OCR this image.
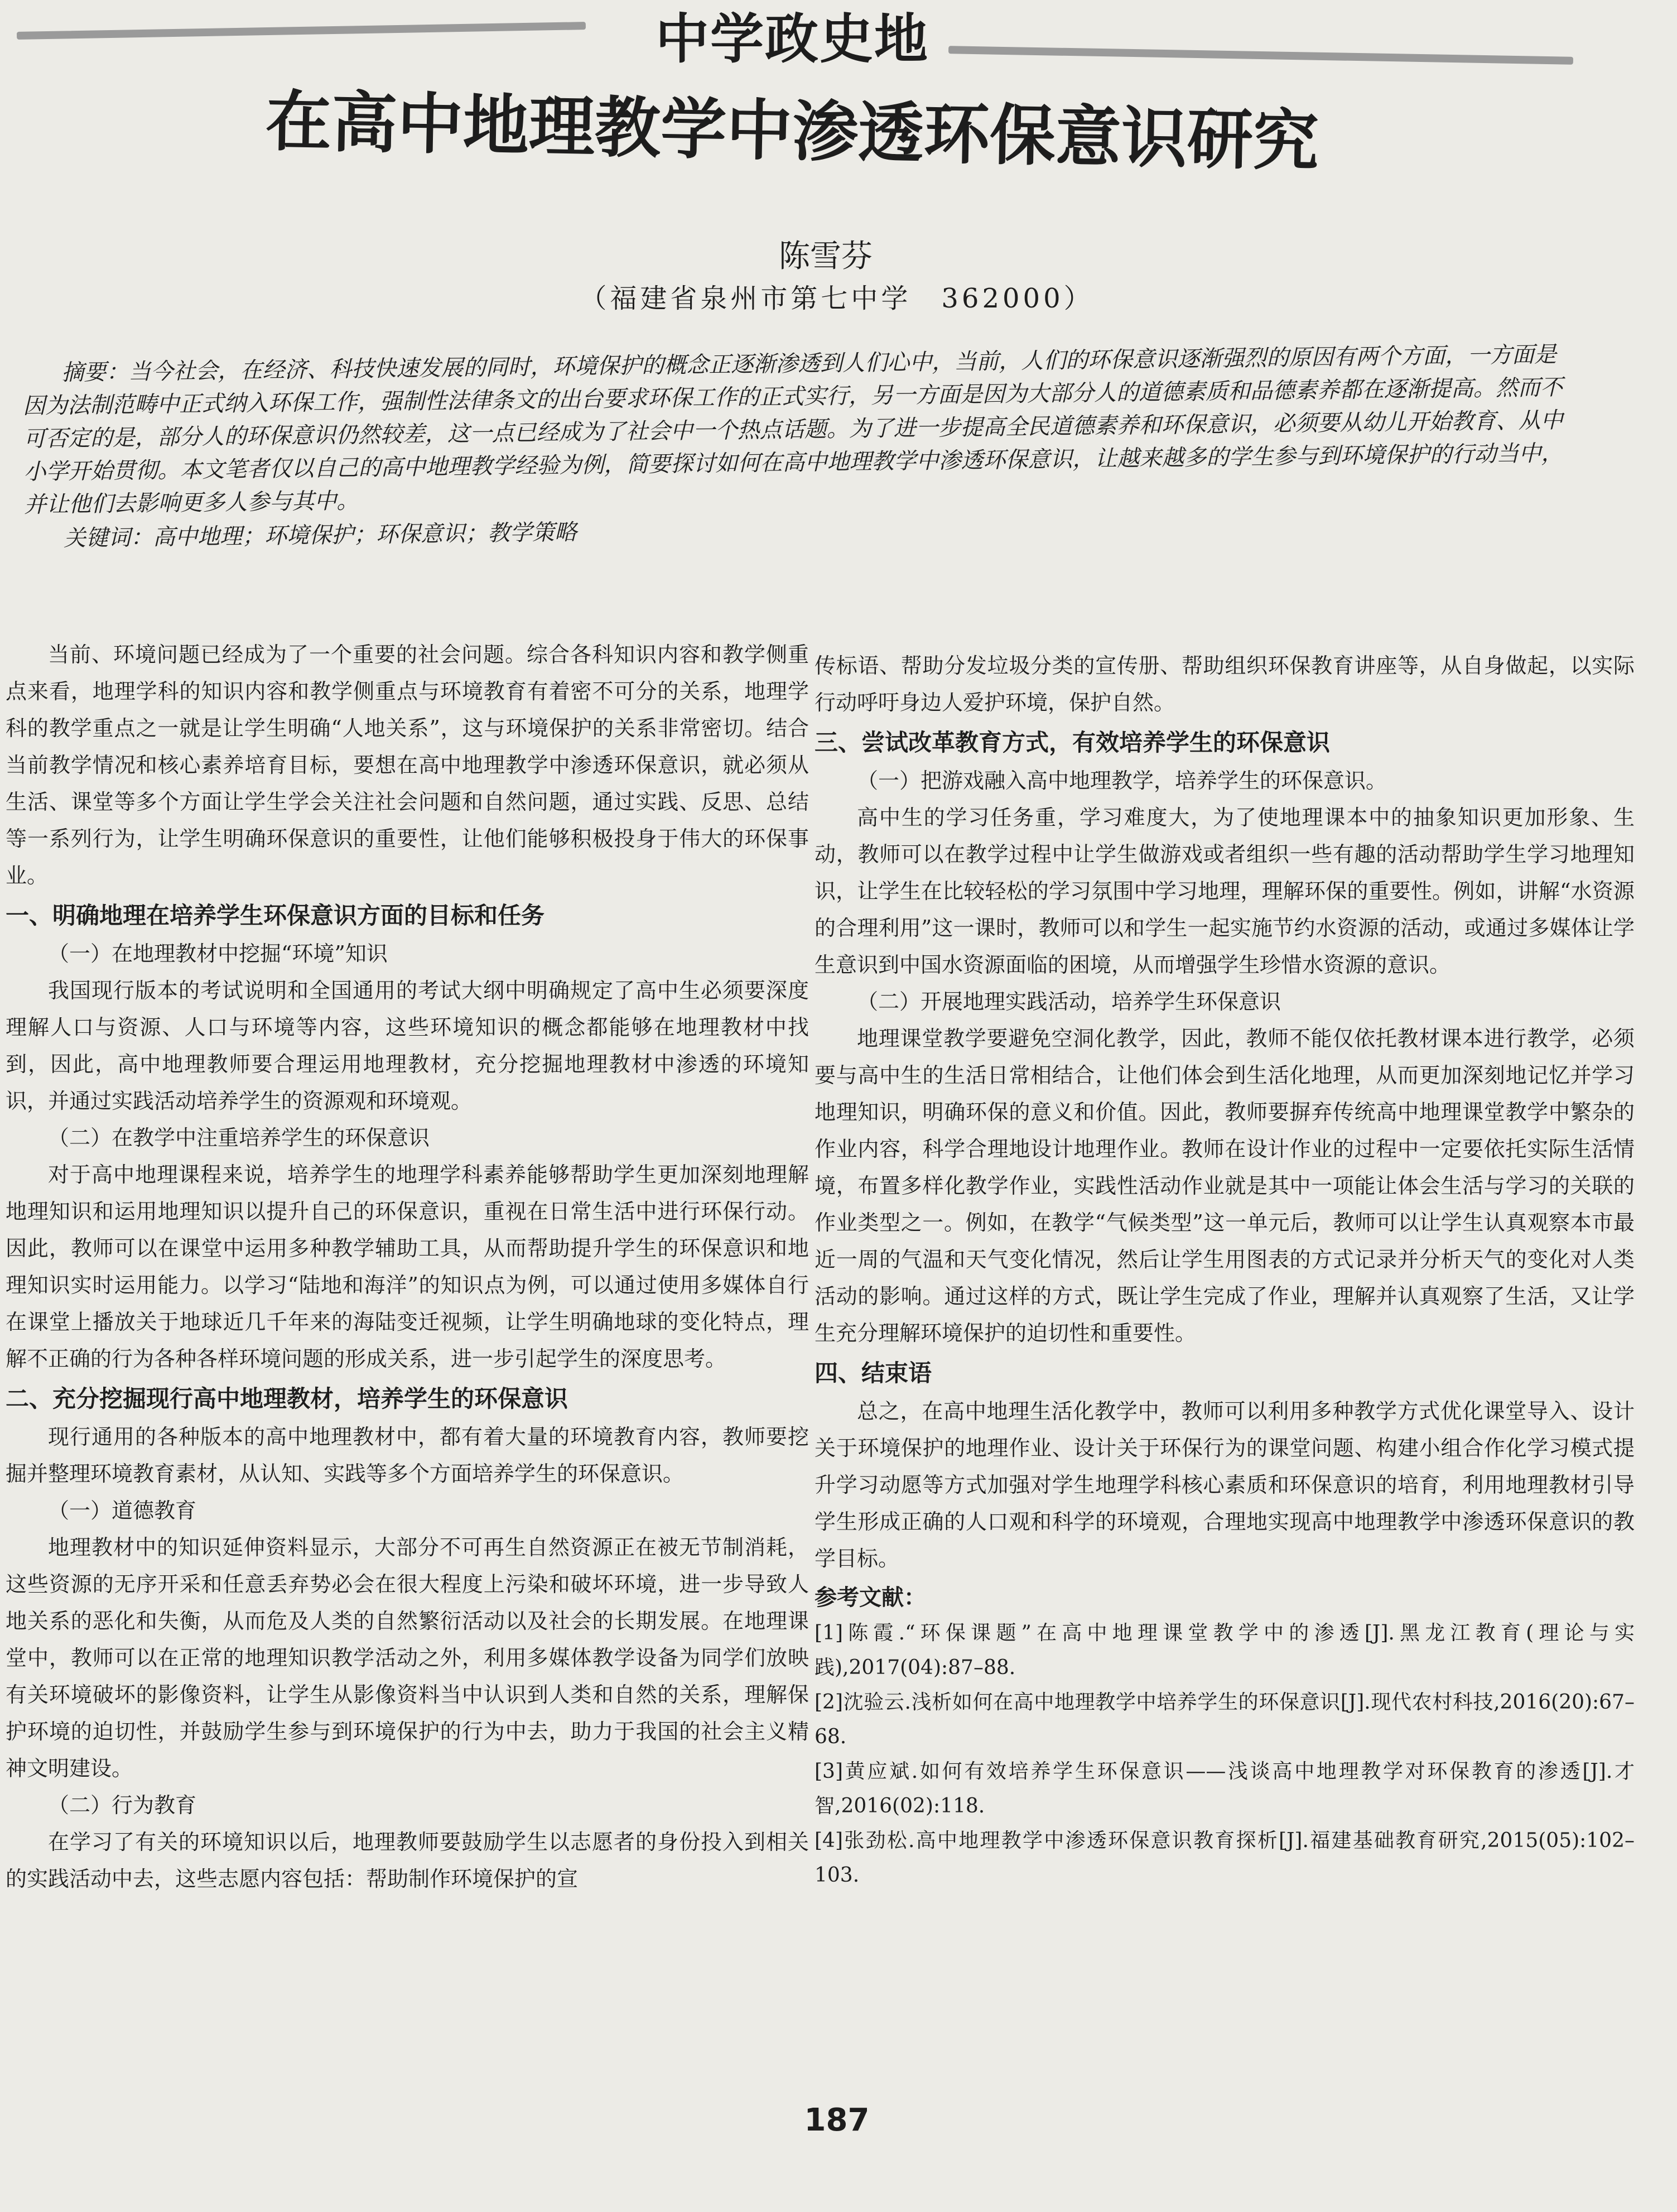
中学政史地
在高中地理教学中渗透环保意识研究
陈雪芬
（福建省泉州市第七中学　362000）

摘要：当今社会，在经济、科技快速发展的同时，环境保护的概念正逐渐渗透到人们心中，当前，人们的环保意识逐渐强烈的原因有两个方面，一方面是因为法制范畴中正式纳入环保工作，强制性法律条文的出台要求环保工作的正式实行，另一方面是因为大部分人的道德素质和品德素养都在逐渐提高。然而不可否定的是，部分人的环保意识仍然较差，这一点已经成为了社会中一个热点话题。为了进一步提高全民道德素养和环保意识，必须要从幼儿开始教育、从中小学开始贯彻。本文笔者仅以自己的高中地理教学经验为例，简要探讨如何在高中地理教学中渗透环保意识，让越来越多的学生参与到环境保护的行动当中，并让他们去影响更多人参与其中。

关键词：高中地理；环境保护；环保意识；教学策略

当前、环境问题已经成为了一个重要的社会问题。综合各科知识内容和教学侧重点来看，地理学科的知识内容和教学侧重点与环境教育有着密不可分的关系，地理学科的教学重点之一就是让学生明确“人地关系”，这与环境保护的关系非常密切。结合当前教学情况和核心素养培育目标，要想在高中地理教学中渗透环保意识，就必须从生活、课堂等多个方面让学生学会关注社会问题和自然问题，通过实践、反思、总结等一系列行为，让学生明确环保意识的重要性，让他们能够积极投身于伟大的环保事业。

一、明确地理在培养学生环保意识方面的目标和任务
（一）在地理教材中挖掘“环境”知识

我国现行版本的考试说明和全国通用的考试大纲中明确规定了高中生必须要深度理解人口与资源、人口与环境等内容，这些环境知识的概念都能够在地理教材中找到，因此，高中地理教师要合理运用地理教材，充分挖掘地理教材中渗透的环境知识，并通过实践活动培养学生的资源观和环境观。

（二）在教学中注重培养学生的环保意识

对于高中地理课程来说，培养学生的地理学科素养能够帮助学生更加深刻地理解地理知识和运用地理知识以提升自己的环保意识，重视在日常生活中进行环保行动。因此，教师可以在课堂中运用多种教学辅助工具，从而帮助提升学生的环保意识和地理知识实时运用能力。以学习“陆地和海洋”的知识点为例，可以通过使用多媒体自行在课堂上播放关于地球近几千年来的海陆变迁视频，让学生明确地球的变化特点，理解不正确的行为各种各样环境问题的形成关系，进一步引起学生的深度思考。

二、充分挖掘现行高中地理教材，培养学生的环保意识

现行通用的各种版本的高中地理教材中，都有着大量的环境教育内容，教师要挖掘并整理环境教育素材，从认知、实践等多个方面培养学生的环保意识。

（一）道德教育

地理教材中的知识延伸资料显示，大部分不可再生自然资源正在被无节制消耗，这些资源的无序开采和任意丢弃势必会在很大程度上污染和破坏环境，进一步导致人地关系的恶化和失衡，从而危及人类的自然繁衍活动以及社会的长期发展。在地理课堂中，教师可以在正常的地理知识教学活动之外，利用多媒体教学设备为同学们放映有关环境破坏的影像资料，让学生从影像资料当中认识到人类和自然的关系，理解保护环境的迫切性，并鼓励学生参与到环境保护的行为中去，助力于我国的社会主义精神文明建设。

（二）行为教育

在学习了有关的环境知识以后，地理教师要鼓励学生以志愿者的身份投入到相关的实践活动中去，这些志愿内容包括：帮助制作环境保护的宣

传标语、帮助分发垃圾分类的宣传册、帮助组织环保教育讲座等，从自身做起，以实际行动呼吁身边人爱护环境，保护自然。

三、尝试改革教育方式，有效培养学生的环保意识
（一）把游戏融入高中地理教学，培养学生的环保意识。

高中生的学习任务重，学习难度大，为了使地理课本中的抽象知识更加形象、生动，教师可以在教学过程中让学生做游戏或者组织一些有趣的活动帮助学生学习地理知识，让学生在比较轻松的学习氛围中学习地理，理解环保的重要性。例如，讲解“水资源的合理利用”这一课时，教师可以和学生一起实施节约水资源的活动，或通过多媒体让学生意识到中国水资源面临的困境，从而增强学生珍惜水资源的意识。

（二）开展地理实践活动，培养学生环保意识

地理课堂教学要避免空洞化教学，因此，教师不能仅依托教材课本进行教学，必须要与高中生的生活日常相结合，让他们体会到生活化地理，从而更加深刻地记忆并学习地理知识，明确环保的意义和价值。因此，教师要摒弃传统高中地理课堂教学中繁杂的作业内容，科学合理地设计地理作业。教师在设计作业的过程中一定要依托实际生活情境，布置多样化教学作业，实践性活动作业就是其中一项能让体会生活与学习的关联的作业类型之一。例如，在教学“气候类型”这一单元后，教师可以让学生认真观察本市最近一周的气温和天气变化情况，然后让学生用图表的方式记录并分析天气的变化对人类活动的影响。通过这样的方式，既让学生完成了作业，理解并认真观察了生活，又让学生充分理解环境保护的迫切性和重要性。

四、结束语

总之，在高中地理生活化教学中，教师可以利用多种教学方式优化课堂导入、设计关于环境保护的地理作业、设计关于环保行为的课堂问题、构建小组合作化学习模式提升学习动愿等方式加强对学生地理学科核心素质和环保意识的培育，利用地理教材引导学生形成正确的人口观和科学的环境观，合理地实现高中地理教学中渗透环保意识的教学目标。

参考文献：

[1]陈霞.“环保课题”在高中地理课堂教学中的渗透[J].黑龙江教育(理论与实践),2017(04):87–88.

[2]沈验云.浅析如何在高中地理教学中培养学生的环保意识[J].现代农村科技,2016(20):67–68.

[3]黄应斌.如何有效培养学生环保意识——浅谈高中地理教学对环保教育的渗透[J].才智,2016(02):118.

[4]张劲松.高中地理教学中渗透环保意识教育探析[J].福建基础教育研究,2015(05):102–103.

187
